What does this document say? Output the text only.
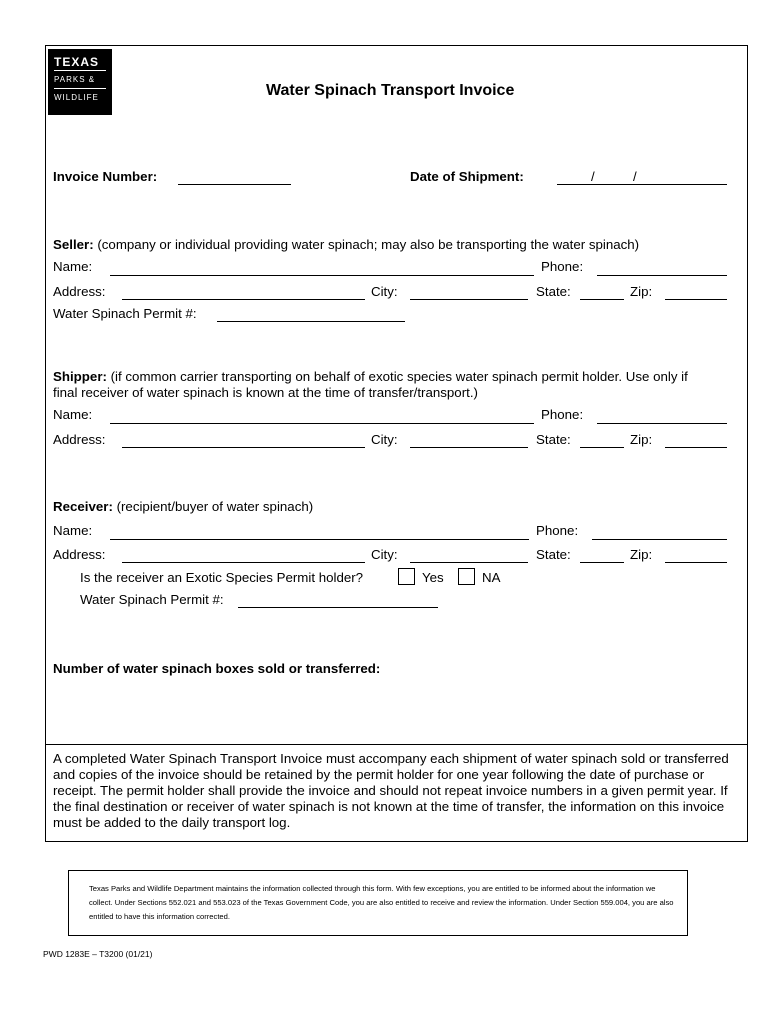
TEXAS
PARKS &
WILDLIFE	Water Spinach Transport Invoice
Invoice Number:	Date of Shipment:	/	/
Seller: (company or individual providing water spinach; may also be transporting the water spinach)
Name:	Phone:
Address:	City:	State:	Zip:
Water Spinach Permit #:
Shipper: (if common carrier transporting on behalf of exotic species water spinach permit holder. Use only if
final receiver of water spinach is known at the time of transfer/transport.)
Name:	Phone:
Address:	City:	State:	Zip:
Receiver: (recipient/buyer of water spinach)
Name:	Phone:
Address:	City:	State:	Zip:
Is the receiver an Exotic Species Permit holder?	Yes	NA
Water Spinach Permit #:
Number of water spinach boxes sold or transferred:
A completed Water Spinach Transport Invoice must accompany each shipment of water spinach sold or transferred and copies of the invoice should be retained by the permit holder for one year following the date of purchase or receipt. The permit holder shall provide the invoice and should not repeat invoice numbers in a given permit year. If the final destination or receiver of water spinach is not known at the time of transfer, the information on this invoice must be added to the daily transport log.
Texas Parks and Wildlife Department maintains the information collected through this form. With few exceptions, you are entitled to be informed about the information we collect. Under Sections 552.021 and 553.023 of the Texas Government Code, you are also entitled to receive and review the information. Under Section 559.004, you are also entitled to have this information corrected.
PWD 1283E – T3200 (01/21)
